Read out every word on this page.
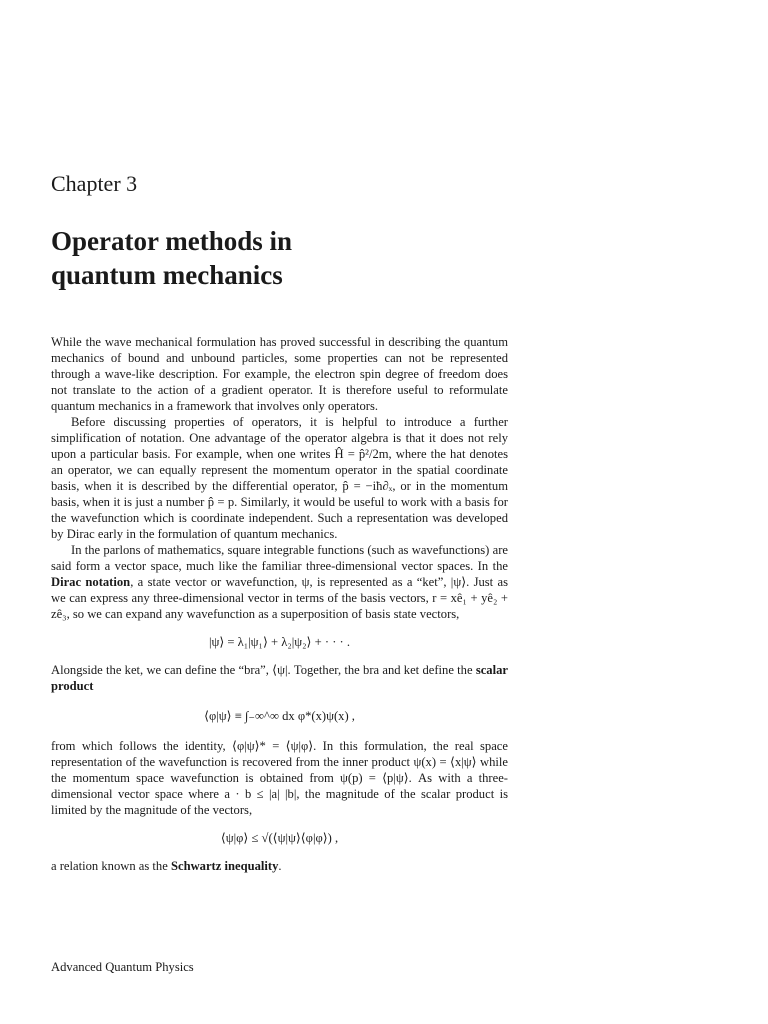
Chapter 3
Operator methods in
quantum mechanics

While the wave mechanical formulation has proved successful in describing the quantum mechanics of bound and unbound particles, some properties can not be represented through a wave-like description. For example, the electron spin degree of freedom does not translate to the action of a gradient operator. It is therefore useful to reformulate quantum mechanics in a framework that involves only operators.

Before discussing properties of operators, it is helpful to introduce a further simplification of notation. One advantage of the operator algebra is that it does not rely upon a particular basis. For example, when one writes Ĥ = p̂²/2m, where the hat denotes an operator, we can equally represent the momentum operator in the spatial coordinate basis, when it is described by the differential operator, p̂ = −iħ∂ₓ, or in the momentum basis, when it is just a number p̂ = p. Similarly, it would be useful to work with a basis for the wavefunction which is coordinate independent. Such a representation was developed by Dirac early in the formulation of quantum mechanics.

In the parlons of mathematics, square integrable functions (such as wavefunctions) are said form a vector space, much like the familiar three-dimensional vector spaces. In the Dirac notation, a state vector or wavefunction, ψ, is represented as a “ket”, |ψ⟩. Just as we can express any three-dimensional vector in terms of the basis vectors, r = xê₁ + yê₂ + zê₃, so we can expand any wavefunction as a superposition of basis state vectors,

|ψ⟩ = λ₁|ψ₁⟩ + λ₂|ψ₂⟩ + · · · .

Alongside the ket, we can define the “bra”, ⟨ψ|. Together, the bra and ket define the scalar product

⟨φ|ψ⟩ ≡ ∫₋∞^∞ dx φ*(x)ψ(x) ,

from which follows the identity, ⟨φ|ψ⟩* = ⟨ψ|φ⟩. In this formulation, the real space representation of the wavefunction is recovered from the inner product ψ(x) = ⟨x|ψ⟩ while the momentum space wavefunction is obtained from ψ(p) = ⟨p|ψ⟩. As with a three-dimensional vector space where a · b ≤ |a| |b|, the magnitude of the scalar product is limited by the magnitude of the vectors,

⟨ψ|φ⟩ ≤ √(⟨ψ|ψ⟩⟨φ|φ⟩) ,

a relation known as the Schwartz inequality.

Advanced Quantum Physics
